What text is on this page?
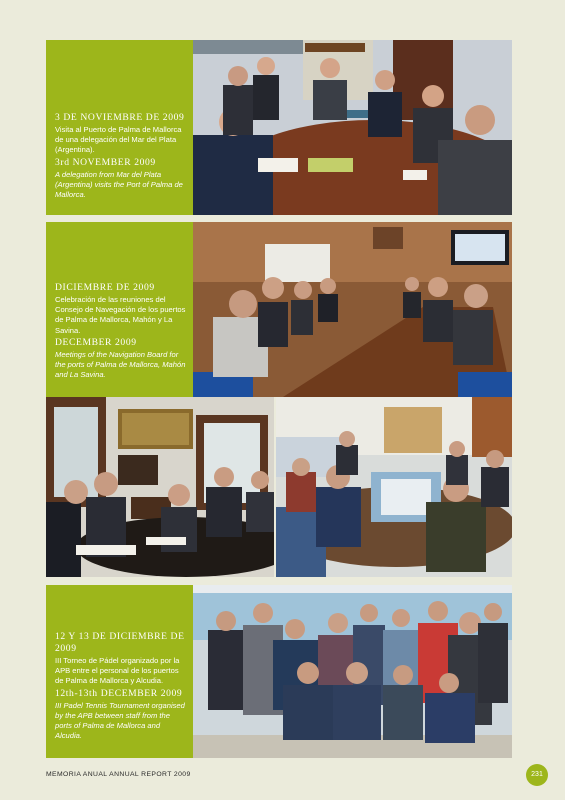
3 DE NOVIEMBRE DE 2009
Visita al Puerto de Palma de Mallorca de una delegación del Mar del Plata (Argentina).
3rd NOVEMBER 2009
A delegation from Mar del Plata (Argentina) visits the Port of Palma de Mallorca.
DICIEMBRE DE 2009
Celebración de las reuniones del Consejo de Navegación de los puertos de Palma de Mallorca, Mahón y La Savina.
DECEMBER 2009
Meetings of the Navigation Board for the ports of Palma de Mallorca, Mahón and La Savina.
12 Y 13 DE DICIEMBRE DE 2009
III Torneo de Pádel organizado por la APB entre el personal de los puertos de Palma de Mallorca y Alcudia.
12th-13th DECEMBER 2009
III Padel Tennis Tournament organised by the APB between staff from the ports of Palma de Mallorca and Alcudia.
MEMORIA ANUAL ANNUAL REPORT 2009	231
